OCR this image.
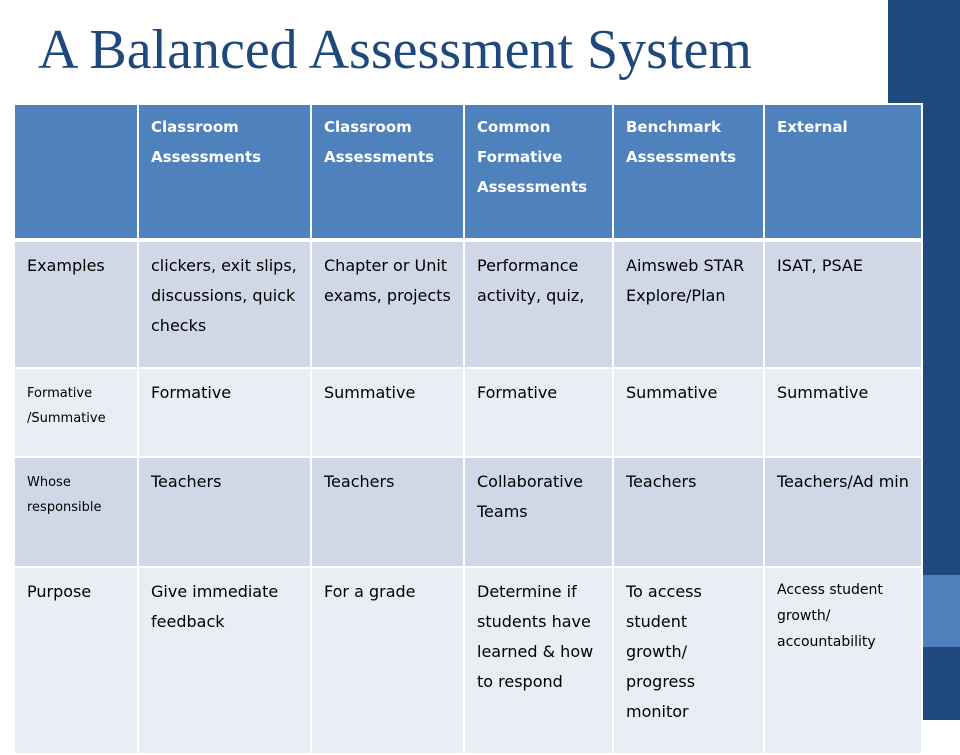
A Balanced Assessment System
	Classroom Assessments	Classroom Assessments	Common Formative Assessments	Benchmark Assessments	External
Examples	clickers, exit slips, discussions, quick checks	Chapter or Unit exams, projects	Performance activity, quiz,	Aimsweb STAR Explore/Plan	ISAT, PSAE
Formative /Summative	Formative	Summative	Formative	Summative	Summative
Whose responsible	Teachers	Teachers	Collaborative Teams	Teachers	Teachers/Ad min
Purpose	Give immediate feedback	For a grade	Determine if students have learned & how to respond	To access student growth/ progress monitor	Access student growth/ accountability
